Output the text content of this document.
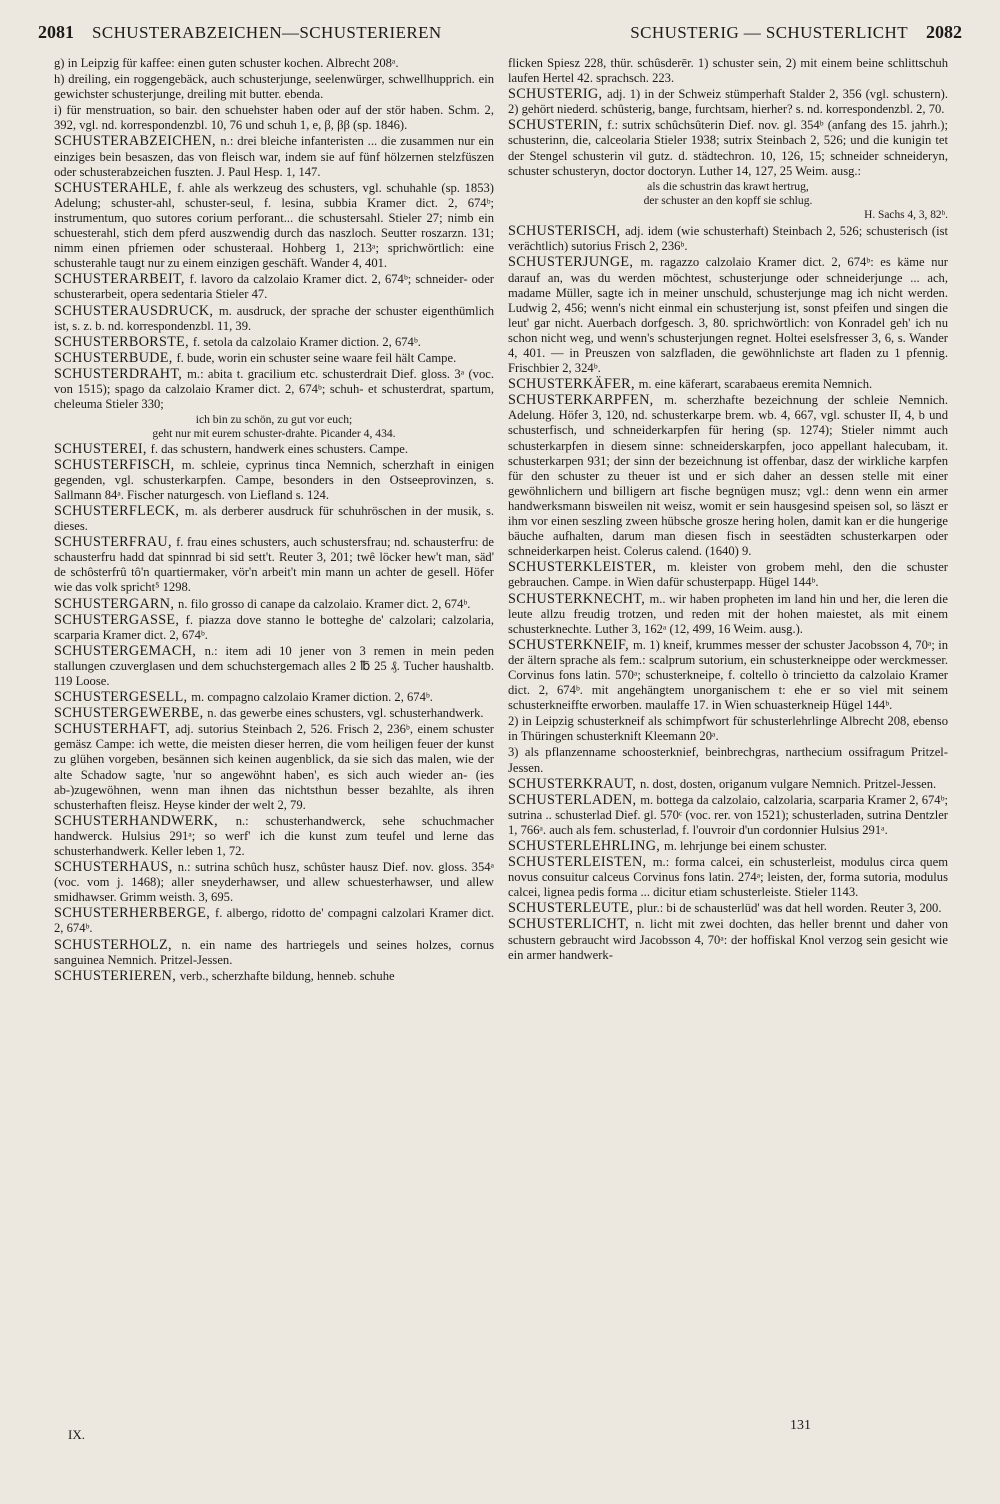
2081 SCHUSTERABZEICHEN—SCHUSTERIEREN	SCHUSTERIG — SCHUSTERLICHT 2082

g) in Leipzig für kaffee: einen guten schuster kochen. Albrecht 208ᵃ.

h) dreiling, ein roggengebäck, auch schusterjunge, seelenwürger, schwellhupprich. ein gewichster schusterjunge, dreiling mit butter. ebenda.

i) für menstruation, so bair. den schuehster haben oder auf der stör haben. Schm. 2, 392, vgl. nd. korrespondenzbl. 10, 76 und schuh 1, e, β, ββ (sp. 1846).

SCHUSTERABZEICHEN, n.: drei bleiche infanteristen ... die zusammen nur ein einziges bein besaszen, das von fleisch war, indem sie auf fünf hölzernen stelzfüszen oder schusterabzeichen fuszten. J. Paul Hesp. 1, 147.

SCHUSTERAHLE, f. ahle als werkzeug des schusters, vgl. schuhahle (sp. 1853) Adelung; schuster-ahl, schuster-seul, f. lesina, subbia Kramer dict. 2, 674ᵇ; instrumentum, quo sutores corium perforant... die schustersahl. Stieler 27; nimb ein schuesterahl, stich dem pferd auszwendig durch das naszloch. Seutter roszarzn. 131; nimm einen pfriemen oder schusteraal. Hohberg 1, 213ᵃ; sprichwörtlich: eine schusterahle taugt nur zu einem einzigen geschäft. Wander 4, 401.

SCHUSTERARBEIT, f. lavoro da calzolaio Kramer dict. 2, 674ᵇ; schneider- oder schusterarbeit, opera sedentaria Stieler 47.

SCHUSTERAUSDRUCK, m. ausdruck, der sprache der schuster eigenthümlich ist, s. z. b. nd. korrespondenzbl. 11, 39.

SCHUSTERBORSTE, f. setola da calzolaio Kramer diction. 2, 674ᵇ.

SCHUSTERBUDE, f. bude, worin ein schuster seine waare feil hält Campe.

SCHUSTERDRAHT, m.: abita t. gracilium etc. schusterdrait Dief. gloss. 3ᵃ (voc. von 1515); spago da calzolaio Kramer dict. 2, 674ᵇ; schuh- et schusterdrat, spartum, cheleuma Stieler 330;
ich bin zu schön, zu gut vor euch;
geht nur mit eurem schuster-drahte. Picander 4, 434.

SCHUSTEREI, f. das schustern, handwerk eines schusters. Campe.

SCHUSTERFISCH, m. schleie, cyprinus tinca Nemnich, scherzhaft in einigen gegenden, vgl. schusterkarpfen. Campe, besonders in den Ostseeprovinzen, s. Sallmann 84ᵃ. Fischer naturgesch. von Liefland s. 124.

SCHUSTERFLECK, m. als derberer ausdruck für schuhröschen in der musik, s. dieses.

SCHUSTERFRAU, f. frau eines schusters, auch schustersfrau; nd. schausterfru: de schausterfru hadd dat spinnrad bi sid sett't. Reuter 3, 201; twê löcker hew't man, säd' de schôsterfrû tô'n quartiermaker, vör'n arbeit't min mann un achter de gesell. Höfer wie das volk spricht⁵ 1298.

SCHUSTERGARN, n. filo grosso di canape da calzolaio. Kramer dict. 2, 674ᵇ.

SCHUSTERGASSE, f. piazza dove stanno le botteghe de' calzolari; calzolaria, scarparia Kramer dict. 2, 674ᵇ.

SCHUSTERGEMACH, n.: item adi 10 jener von 3 remen in mein peden stallungen czuverglasen und dem schuchstergemach alles 2 ℔ 25 ₰. Tucher haushaltb. 119 Loose.

SCHUSTERGESELL, m. compagno calzolaio Kramer diction. 2, 674ᵇ.

SCHUSTERGEWERBE, n. das gewerbe eines schusters, vgl. schusterhandwerk.

SCHUSTERHAFT, adj. sutorius Steinbach 2, 526. Frisch 2, 236ᵇ, einem schuster gemäsz Campe: ich wette, die meisten dieser herren, die vom heiligen feuer der kunst zu glühen vorgeben, besännen sich keinen augenblick, da sie sich das malen, wie der alte Schadow sagte, 'nur so angewöhnt haben', es sich auch wieder an- (ies ab-)zugewöhnen, wenn man ihnen das nichtsthun besser bezahlte, als ihren schusterhaften fleisz. Heyse kinder der welt 2, 79.

SCHUSTERHANDWERK, n.: schusterhandwerck, sehe schuchmacher handwerck. Hulsius 291ᵃ; so werf' ich die kunst zum teufel und lerne das schusterhandwerk. Keller leben 1, 72.

SCHUSTERHAUS, n.: sutrina schûch husz, schûster hausz Dief. nov. gloss. 354ᵃ (voc. vom j. 1468); aller sneyderhawser, und allew schuesterhawser, und allew smidhawser. Grimm weisth. 3, 695.

SCHUSTERHERBERGE, f. albergo, ridotto de' compagni calzolari Kramer dict. 2, 674ᵇ.

SCHUSTERHOLZ, n. ein name des hartriegels und seines holzes, cornus sanguinea Nemnich. Pritzel-Jessen.

SCHUSTERIEREN, verb., scherzhafte bildung, henneb. schuhe

flicken Spiesz 228, thür. schûsderēr. 1) schuster sein, 2) mit einem beine schlittschuh laufen Hertel 42. sprachsch. 223.

SCHUSTERIG, adj. 1) in der Schweiz stümperhaft Stalder 2, 356 (vgl. schustern). 2) gehört niederd. schûsterig, bange, furchtsam, hierher? s. nd. korrespondenzbl. 2, 70.

SCHUSTERIN, f.: sutrix schûchsûterin Dief. nov. gl. 354ᵇ (anfang des 15. jahrh.); schusterinn, die, calceolaria Stieler 1938; sutrix Steinbach 2, 526; und die kunigin tet der Stengel schusterin vil gutz. d. städtechron. 10, 126, 15; schneider schneideryn, schuster schusteryn, doctor doctoryn. Luther 14, 127, 25 Weim. ausg.:
als die schustrin das krawt hertrug,
der schuster an den kopff sie schlug.
H. Sachs 4, 3, 82ᵇ.

SCHUSTERISCH, adj. idem (wie schusterhaft) Steinbach 2, 526; schusterisch (ist verächtlich) sutorius Frisch 2, 236ᵇ.

SCHUSTERJUNGE, m. ragazzo calzolaio Kramer dict. 2, 674ᵇ: es käme nur darauf an, was du werden möchtest, schusterjunge oder schneiderjunge ... ach, madame Müller, sagte ich in meiner unschuld, schusterjunge mag ich nicht werden. Ludwig 2, 456; wenn's nicht einmal ein schusterjung ist, sonst pfeifen und singen die leut' gar nicht. Auerbach dorfgesch. 3, 80. sprichwörtlich: von Konradel geh' ich nu schon nicht weg, und wenn's schusterjungen regnet. Holtei eselsfresser 3, 6, s. Wander 4, 401. — in Preuszen von salzfladen, die gewöhnlichste art fladen zu 1 pfennig. Frischbier 2, 324ᵇ.

SCHUSTERKÄFER, m. eine käferart, scarabaeus eremita Nemnich.

SCHUSTERKARPFEN, m. scherzhafte bezeichnung der schleie Nemnich. Adelung. Höfer 3, 120, nd. schusterkarpe brem. wb. 4, 667, vgl. schuster II, 4, b und schusterfisch, und schneiderkarpfen für hering (sp. 1274); Stieler nimmt auch schusterkarpfen in diesem sinne: schneiderskarpfen, joco appellant halecubam, it. schusterkarpen 931; der sinn der bezeichnung ist offenbar, dasz der wirkliche karpfen für den schuster zu theuer ist und er sich daher an dessen stelle mit einer gewöhnlichern und billigern art fische begnügen musz; vgl.: denn wenn ein armer handwerksmann bisweilen nit weisz, womit er sein hausgesind speisen sol, so läszt er ihm vor einen seszling zween hübsche grosze hering holen, damit kan er die hungerige bäuche aufhalten, darum man diesen fisch in seestädten schusterkarpen oder schneiderkarpen heist. Colerus calend. (1640) 9.

SCHUSTERKLEISTER, m. kleister von grobem mehl, den die schuster gebrauchen. Campe. in Wien dafür schusterpapp. Hügel 144ᵇ.

SCHUSTERKNECHT, m.. wir haben propheten im land hin und her, die leren die leute allzu freudig trotzen, und reden mit der hohen maiestet, als mit einem schusterknechte. Luther 3, 162ᵃ (12, 499, 16 Weim. ausg.).

SCHUSTERKNEIF, m. 1) kneif, krummes messer der schuster Jacobsson 4, 70ᵃ; in der ältern sprache als fem.: scalprum sutorium, ein schusterkneippe oder werckmesser. Corvinus fons latin. 570ᵃ; schusterkneipe, f. coltello ò trincietto da calzolaio Kramer dict. 2, 674ᵇ. mit angehängtem unorganischem t: ehe er so viel mit seinem schusterkneiffte erworben. maulaffe 17. in Wien schuasterkneip Hügel 144ᵇ.

2) in Leipzig schusterkneif als schimpfwort für schusterlehrlinge Albrecht 208, ebenso in Thüringen schusterknift Kleemann 20ᵃ.

3) als pflanzenname schoosterknief, beinbrechgras, narthecium ossifragum Pritzel-Jessen.

SCHUSTERKRAUT, n. dost, dosten, origanum vulgare Nemnich. Pritzel-Jessen.

SCHUSTERLADEN, m. bottega da calzolaio, calzolaria, scarparia Kramer 2, 674ᵇ; sutrina .. schusterlad Dief. gl. 570ᶜ (voc. rer. von 1521); schusterladen, sutrina Dentzler 1, 766ᵃ. auch als fem. schusterlad, f. l'ouvroir d'un cordonnier Hulsius 291ᵃ.

SCHUSTERLEHRLING, m. lehrjunge bei einem schuster.

SCHUSTERLEISTEN, m.: forma calcei, ein schusterleist, modulus circa quem novus consuitur calceus Corvinus fons latin. 274ᵃ; leisten, der, forma sutoria, modulus calcei, lignea pedis forma ... dicitur etiam schusterleiste. Stieler 1143.

SCHUSTERLEUTE, plur.: bi de schausterlüd' was dat hell worden. Reuter 3, 200.

SCHUSTERLICHT, n. licht mit zwei dochten, das heller brennt und daher von schustern gebraucht wird Jacobsson 4, 70ᵃ: der hoffiskal Knol verzog sein gesicht wie ein armer handwerk-

IX.
131
